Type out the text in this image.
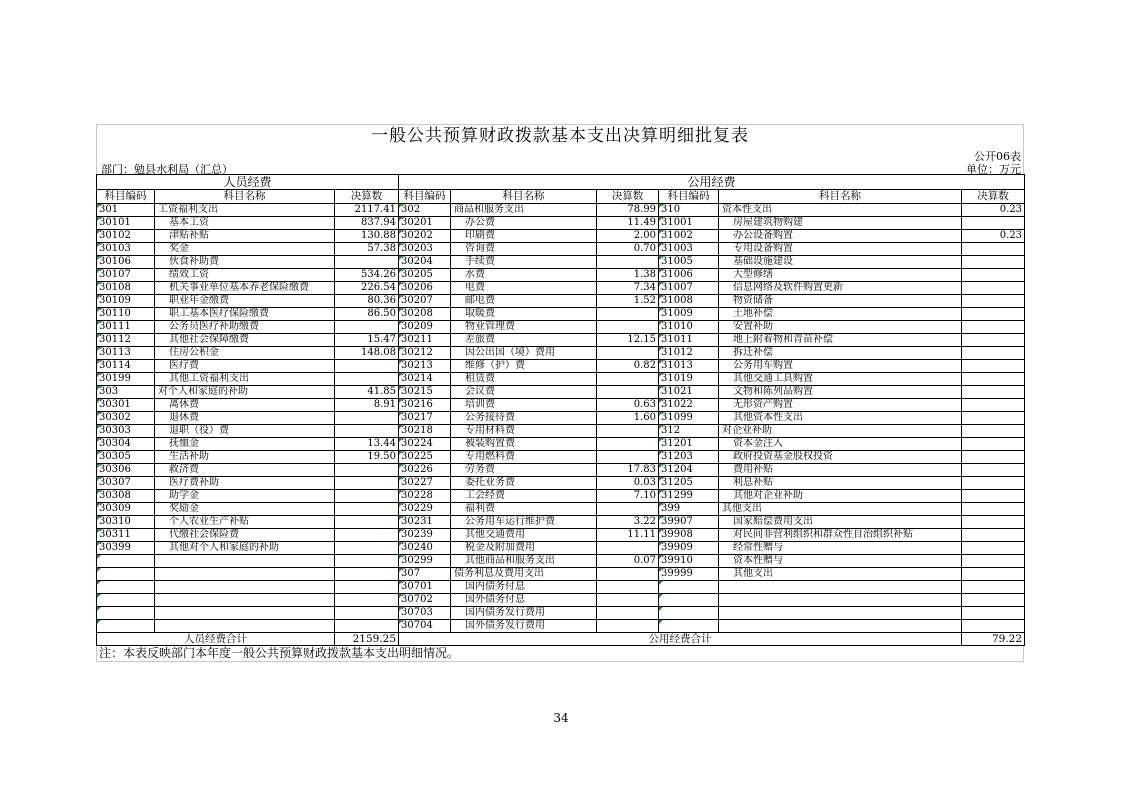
一般公共预算财政拨款基本支出决算明细批复表
公开06表
部门：勉县水利局（汇总）	单位：万元
人员经费			公用经费					
科目编码	科目名称	决算数	科目编码	科目名称	决算数	科目编码	科目名称	决算数
301	工资福利支出	2117.41	302	商品和服务支出	78.99	310	资本性支出	0.23
30101	基本工资	837.94	30201	办公费	11.49	31001	房屋建筑物购建	
30102	津贴补贴	130.88	30202	印刷费	2.00	31002	办公设备购置	0.23
30103	奖金	57.38	30203	咨询费	0.70	31003	专用设备购置	
30106	伙食补助费		30204	手续费		31005	基础设施建设	
30107	绩效工资	534.26	30205	水费	1.38	31006	大型修缮	
30108	机关事业单位基本养老保险缴费	226.54	30206	电费	7.34	31007	信息网络及软件购置更新	
30109	职业年金缴费	80.36	30207	邮电费	1.52	31008	物资储备	
30110	职工基本医疗保险缴费	86.50	30208	取暖费		31009	土地补偿	
30111	公务员医疗补助缴费		30209	物业管理费		31010	安置补助	
30112	其他社会保障缴费	15.47	30211	差旅费	12.15	31011	地上附着物和青苗补偿	
30113	住房公积金	148.08	30212	因公出国（境）费用		31012	拆迁补偿	
30114	医疗费		30213	维修（护）费	0.82	31013	公务用车购置	
30199	其他工资福利支出		30214	租赁费		31019	其他交通工具购置	
303	对个人和家庭的补助	41.85	30215	会议费		31021	文物和陈列品购置	
30301	离休费	8.91	30216	培训费	0.63	31022	无形资产购置	
30302	退休费		30217	公务接待费	1.60	31099	其他资本性支出	
30303	退职（役）费		30218	专用材料费		312	对企业补助	
30304	抚恤金	13.44	30224	被装购置费		31201	资本金注入	
30305	生活补助	19.50	30225	专用燃料费		31203	政府投资基金股权投资	
30306	救济费		30226	劳务费	17.83	31204	费用补贴	
30307	医疗费补助		30227	委托业务费	0.03	31205	利息补贴	
30308	助学金		30228	工会经费	7.10	31299	其他对企业补助	
30309	奖励金		30229	福利费		399	其他支出	
30310	个人农业生产补贴		30231	公务用车运行维护费	3.22	39907	国家赔偿费用支出	
30311	代缴社会保险费		30239	其他交通费用	11.11	39908	对民间非营利组织和群众性自治组织补贴	
30399	其他对个人和家庭的补助		30240	税金及附加费用		39909	经常性赠与	
			30299	其他商品和服务支出	0.07	39910	资本性赠与	
			307	债务利息及费用支出		39999	其他支出	
			30701	国内债务付息				
			30702	国外债务付息				
			30703	国内债务发行费用				
			30704	国外债务发行费用				
人员经费合计		2159.25	公用经费合计					79.22
注：本表反映部门本年度一般公共预算财政拨款基本支出明细情况。
34
